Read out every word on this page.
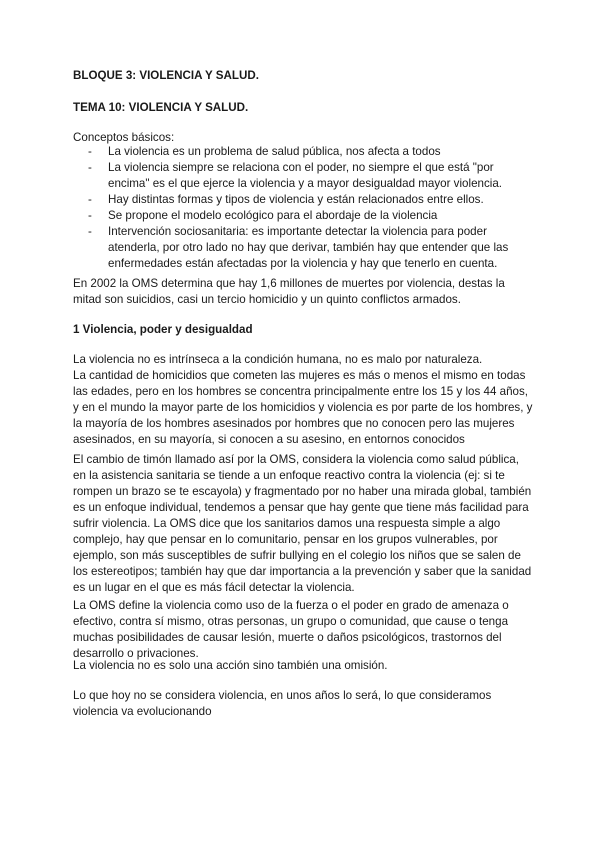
BLOQUE 3: VIOLENCIA Y SALUD.

TEMA 10: VIOLENCIA Y SALUD.

Conceptos básicos:

- La violencia es un problema de salud pública, nos afecta a todos
- La violencia siempre se relaciona con el poder, no siempre el que está "por encima" es el que ejerce la violencia y a mayor desigualdad mayor violencia.
- Hay distintas formas y tipos de violencia y están relacionados entre ellos.
- Se propone el modelo ecológico para el abordaje de la violencia
- Intervención sociosanitaria: es importante detectar la violencia para poder atenderla, por otro lado no hay que derivar, también hay que entender que las enfermedades están afectadas por la violencia y hay que tenerlo en cuenta.

En 2002 la OMS determina que hay 1,6 millones de muertes por violencia, destas la mitad son suicidios, casi un tercio homicidio y un quinto conflictos armados.

1 Violencia, poder y desigualdad

La violencia no es intrínseca a la condición humana, no es malo por naturaleza.

La cantidad de homicidios que cometen las mujeres es más o menos el mismo en todas las edades, pero en los hombres se concentra principalmente entre los 15 y los 44 años, y en el mundo la mayor parte de los homicidios y violencia es por parte de los hombres, y la mayoría de los hombres asesinados por hombres que no conocen pero las mujeres asesinados, en su mayoría, si conocen a su asesino, en entornos conocidos

El cambio de timón llamado así por la OMS, considera la violencia como salud pública, en la asistencia sanitaria se tiende a un enfoque reactivo contra la violencia (ej: si te rompen un brazo se te escayola) y fragmentado por no haber una mirada global, también es un enfoque individual, tendemos a pensar que hay gente que tiene más facilidad para sufrir violencia. La OMS dice que los sanitarios damos una respuesta simple a algo complejo, hay que pensar en lo comunitario, pensar en los grupos vulnerables, por ejemplo, son más susceptibles de sufrir bullying en el colegio los niños que se salen de los estereotipos; también hay que dar importancia a la prevención y saber que la sanidad es un lugar en el que es más fácil detectar la violencia.

La OMS define la violencia como uso de la fuerza o el poder en grado de amenaza o efectivo, contra sí mismo, otras personas, un grupo o comunidad, que cause o tenga muchas posibilidades de causar lesión, muerte o daños psicológicos, trastornos del desarrollo o privaciones.

La violencia no es solo una acción sino también una omisión.

Lo que hoy no se considera violencia, en unos años lo será, lo que consideramos violencia va evolucionando
